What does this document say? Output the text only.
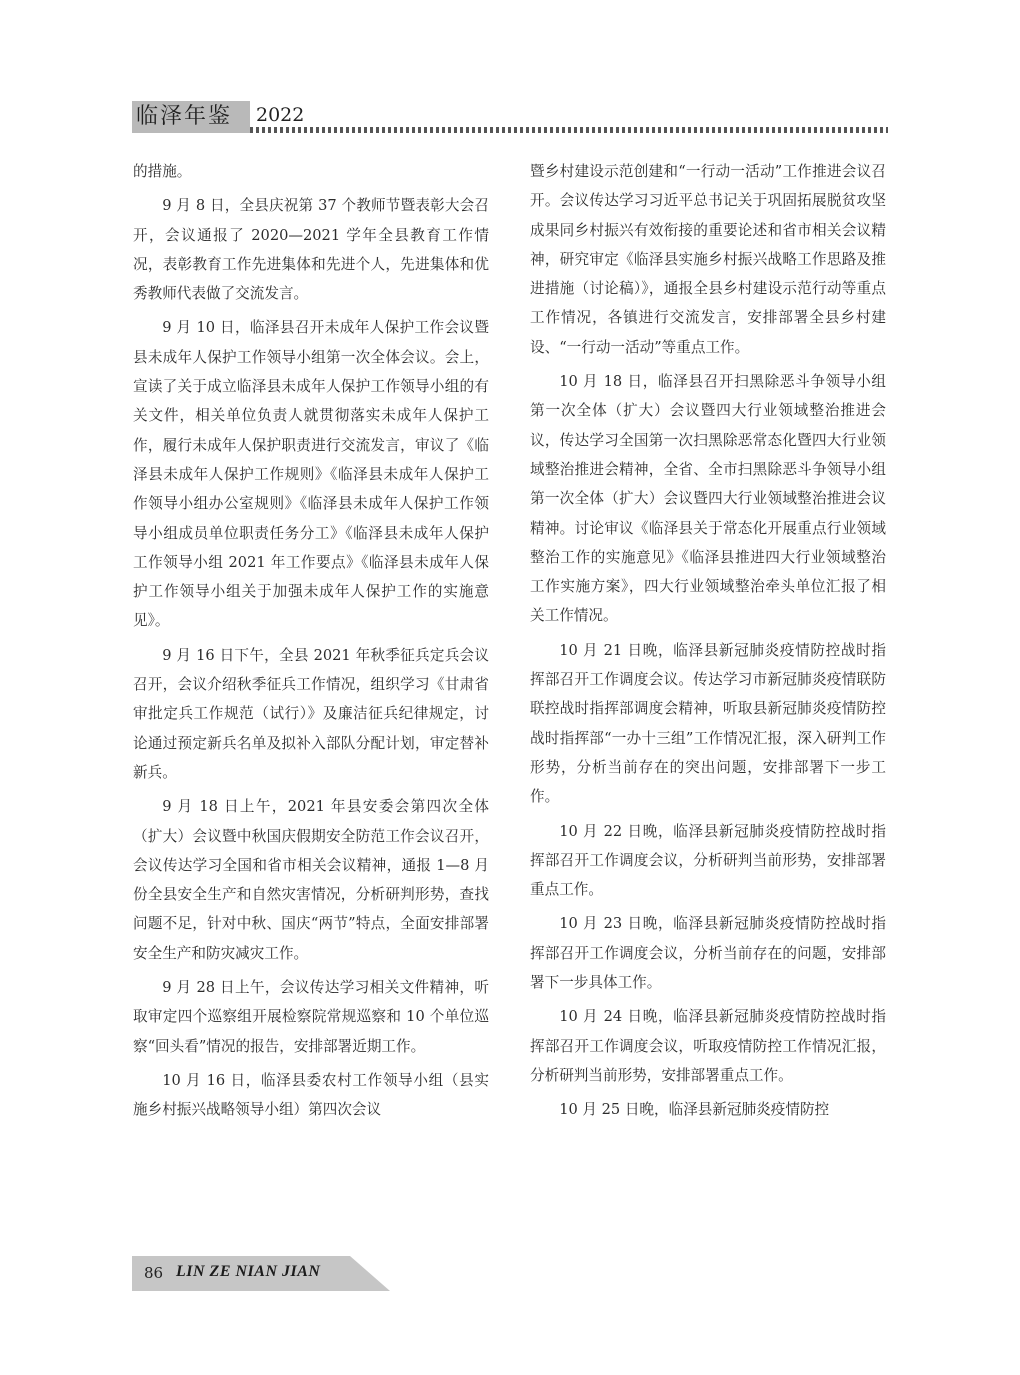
临泽年鉴	2022

的措施。

9 月 8 日，全县庆祝第 37 个教师节暨表彰大会召开，会议通报了 2020—2021 学年全县教育工作情况，表彰教育工作先进集体和先进个人，先进集体和优秀教师代表做了交流发言。

9 月 10 日，临泽县召开未成年人保护工作会议暨县未成年人保护工作领导小组第一次全体会议。会上，宣读了关于成立临泽县未成年人保护工作领导小组的有关文件，相关单位负责人就贯彻落实未成年人保护工作，履行未成年人保护职责进行交流发言，审议了《临泽县未成年人保护工作规则》《临泽县未成年人保护工作领导小组办公室规则》《临泽县未成年人保护工作领导小组成员单位职责任务分工》《临泽县未成年人保护工作领导小组 2021 年工作要点》《临泽县未成年人保护工作领导小组关于加强未成年人保护工作的实施意见》。

9 月 16 日下午，全县 2021 年秋季征兵定兵会议召开，会议介绍秋季征兵工作情况，组织学习《甘肃省审批定兵工作规范（试行）》及廉洁征兵纪律规定，讨论通过预定新兵名单及拟补入部队分配计划，审定替补新兵。

9 月 18 日上午，2021 年县安委会第四次全体（扩大）会议暨中秋国庆假期安全防范工作会议召开，会议传达学习全国和省市相关会议精神，通报 1—8 月份全县安全生产和自然灾害情况，分析研判形势，查找问题不足，针对中秋、国庆“两节”特点，全面安排部署安全生产和防灾减灾工作。

9 月 28 日上午，会议传达学习相关文件精神，听取审定四个巡察组开展检察院常规巡察和 10 个单位巡察“回头看”情况的报告，安排部署近期工作。

10 月 16 日，临泽县委农村工作领导小组（县实施乡村振兴战略领导小组）第四次会议

暨乡村建设示范创建和“一行动一活动”工作推进会议召开。会议传达学习习近平总书记关于巩固拓展脱贫攻坚成果同乡村振兴有效衔接的重要论述和省市相关会议精神，研究审定《临泽县实施乡村振兴战略工作思路及推进措施（讨论稿）》，通报全县乡村建设示范行动等重点工作情况，各镇进行交流发言，安排部署全县乡村建设、“一行动一活动”等重点工作。

10 月 18 日，临泽县召开扫黑除恶斗争领导小组第一次全体（扩大）会议暨四大行业领域整治推进会议，传达学习全国第一次扫黑除恶常态化暨四大行业领域整治推进会精神，全省、全市扫黑除恶斗争领导小组第一次全体（扩大）会议暨四大行业领域整治推进会议精神。讨论审议《临泽县关于常态化开展重点行业领域整治工作的实施意见》《临泽县推进四大行业领域整治工作实施方案》，四大行业领域整治牵头单位汇报了相关工作情况。

10 月 21 日晚，临泽县新冠肺炎疫情防控战时指挥部召开工作调度会议。传达学习市新冠肺炎疫情联防联控战时指挥部调度会精神，听取县新冠肺炎疫情防控战时指挥部“一办十三组”工作情况汇报，深入研判工作形势，分析当前存在的突出问题，安排部署下一步工作。

10 月 22 日晚，临泽县新冠肺炎疫情防控战时指挥部召开工作调度会议，分析研判当前形势，安排部署重点工作。

10 月 23 日晚，临泽县新冠肺炎疫情防控战时指挥部召开工作调度会议，分析当前存在的问题，安排部署下一步具体工作。

10 月 24 日晚，临泽县新冠肺炎疫情防控战时指挥部召开工作调度会议，听取疫情防控工作情况汇报，分析研判当前形势，安排部署重点工作。

10 月 25 日晚，临泽县新冠肺炎疫情防控

86 LIN ZE NIAN JIAN
